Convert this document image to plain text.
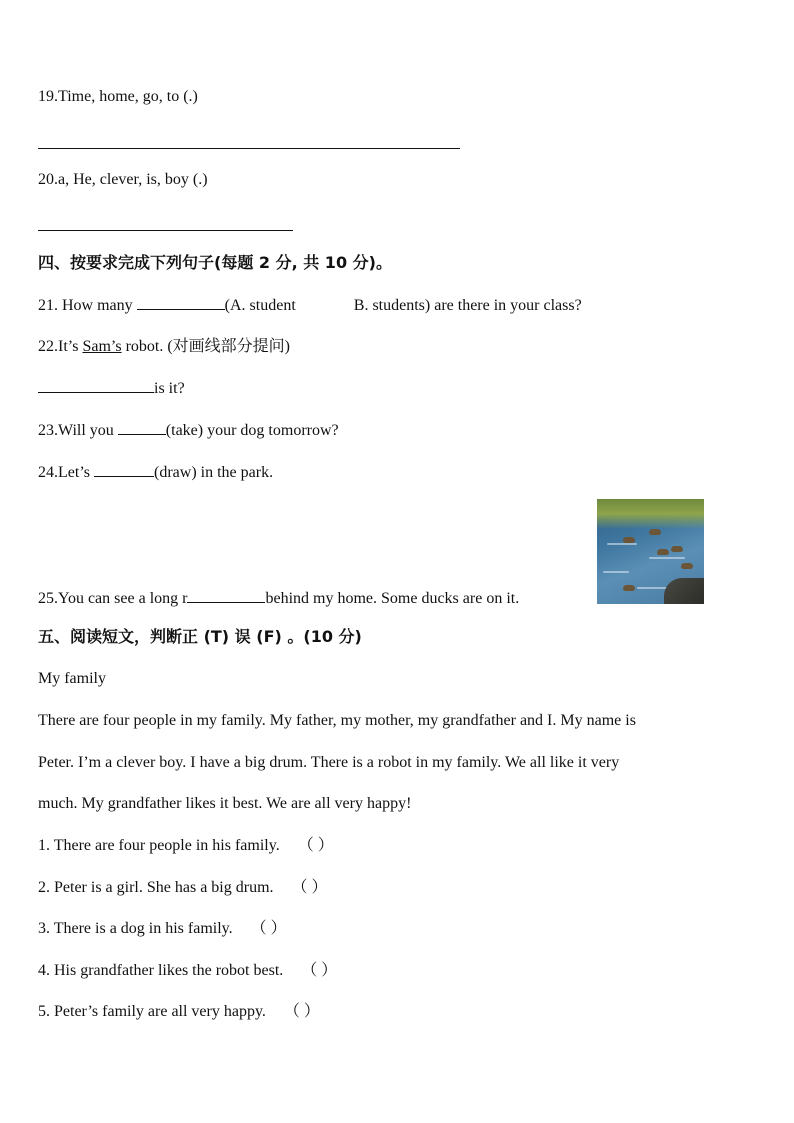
19.Time, home, go, to (.)
20.a, He, clever, is, boy (.)
四、按要求完成下列句子(每题 2 分, 共 10 分)。
21. How many	(A. student	B. students) are there in your class?
22.It’s Sam’s robot. (对画线部分提问)
is it?
23.Will you	(take) your dog tomorrow?
24.Let’s	(draw) in the park.
25.You can see a long r	behind my home. Some ducks are on it.
五、阅读短文，判断正 (T) 误 (F) 。(10 分)
My family
There are four people in my family. My father, my mother, my grandfather and I. My name is
Peter. I’m a clever boy. I have a big drum. There is a robot in my family. We all like it very
much. My grandfather likes it best. We are all very happy!
1. There are four people in his family. （ ）
2. Peter is a girl. She has a big drum. （ ）
3. There is a dog in his family. （ ）
4. His grandfather likes the robot best. （ ）
5. Peter’s family are all very happy. （ ）
